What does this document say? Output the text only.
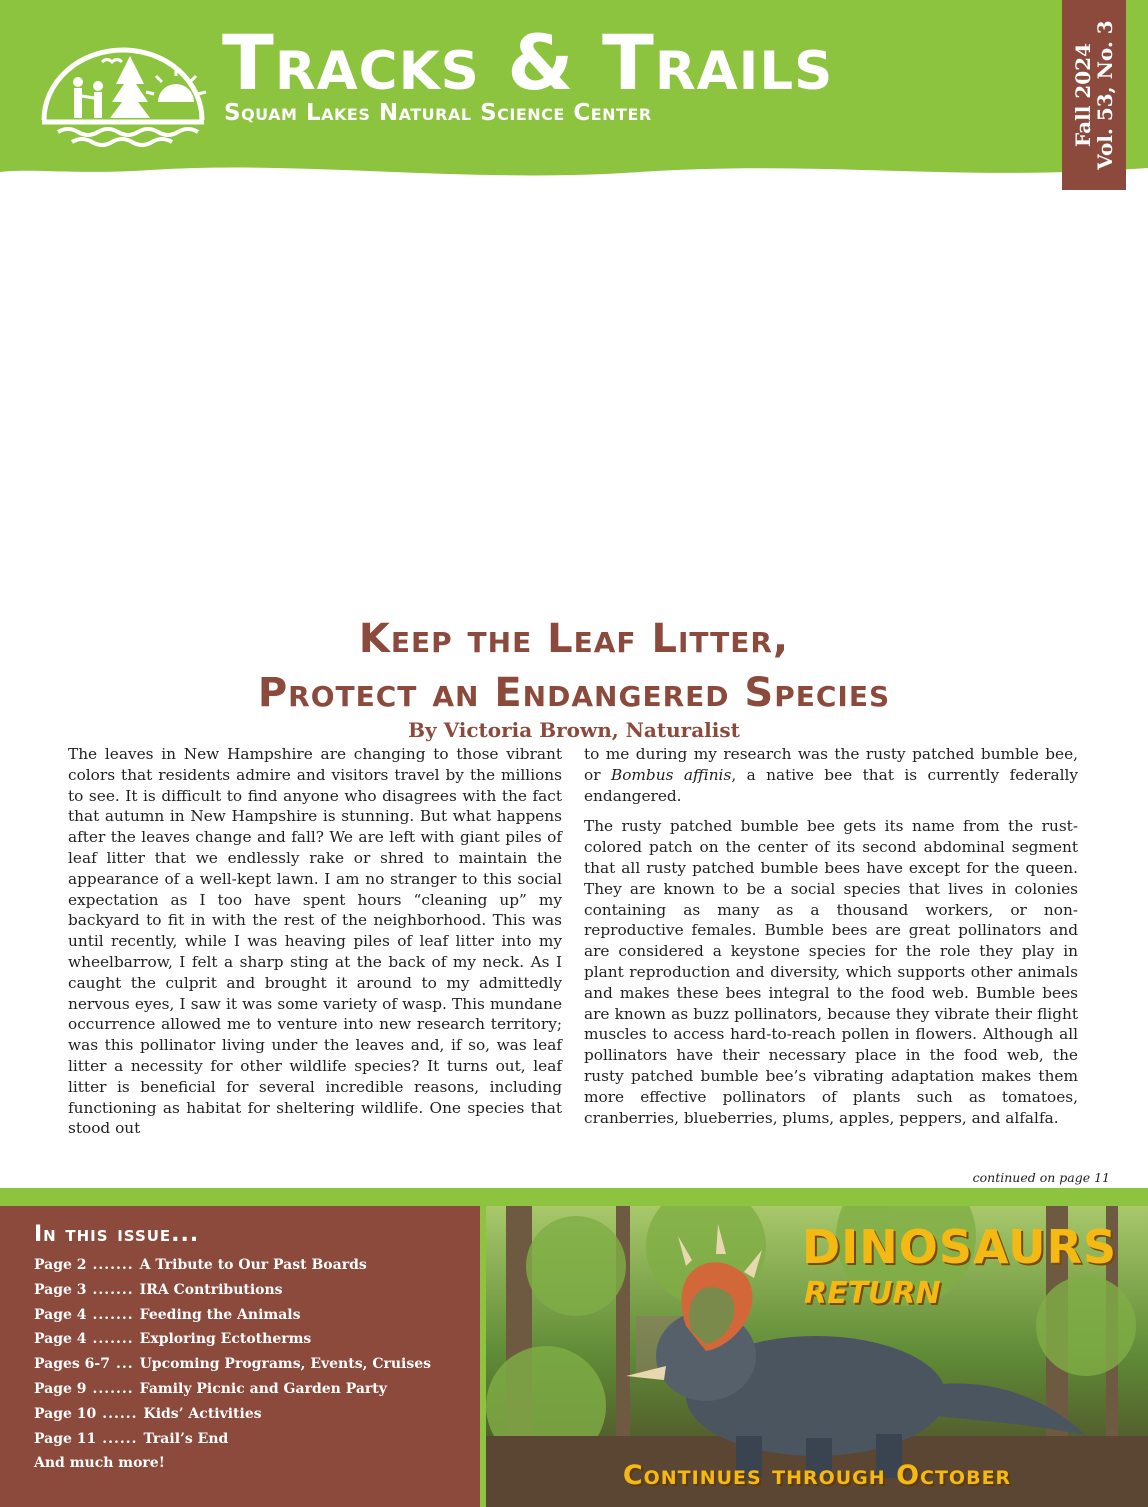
Tracks & Trails
Squam Lakes Natural Science Center	Fall 2024
Vol. 53, No. 3
Keep the Leaf Litter,
Protect an Endangered Species
By Victoria Brown, Naturalist

The leaves in New Hampshire are changing to those vibrant colors that residents admire and visitors travel by the millions to see. It is difficult to find anyone who disagrees with the fact that autumn in New Hampshire is stunning. But what happens after the leaves change and fall? We are left with giant piles of leaf litter that we endlessly rake or shred to maintain the appearance of a well-kept lawn. I am no stranger to this social expectation as I too have spent hours “cleaning up” my backyard to fit in with the rest of the neighborhood. This was until recently, while I was heaving piles of leaf litter into my wheelbarrow, I felt a sharp sting at the back of my neck. As I caught the culprit and brought it around to my admittedly nervous eyes, I saw it was some variety of wasp. This mundane occurrence allowed me to venture into new research territory; was this pollinator living under the leaves and, if so, was leaf litter a necessity for other wildlife species? It turns out, leaf litter is beneficial for several incredible reasons, including functioning as habitat for sheltering wildlife. One species that stood out

to me during my research was the rusty patched bumble bee, or Bombus affinis, a native bee that is currently federally endangered.

The rusty patched bumble bee gets its name from the rust-colored patch on the center of its second abdominal segment that all rusty patched bumble bees have except for the queen. They are known to be a social species that lives in colonies containing as many as a thousand workers, or non-reproductive females. Bumble bees are great pollinators and are considered a keystone species for the role they play in plant reproduction and diversity, which supports other animals and makes these bees integral to the food web. Bumble bees are known as buzz pollinators, because they vibrate their flight muscles to access hard-to-reach pollen in flowers. Although all pollinators have their necessary place in the food web, the rusty patched bumble bee’s vibrating adaptation makes them more effective pollinators of plants such as tomatoes, cranberries, blueberries, plums, apples, peppers, and alfalfa.

continued on page 11
In this issue...
Page 2 ....... A Tribute to Our Past Boards
Page 3 ....... IRA Contributions
Page 4 ....... Feeding the Animals
Page 4 ....... Exploring Ectotherms
Pages 6-7 ... Upcoming Programs, Events, Cruises
Page 9 ....... Family Picnic and Garden Party
Page 10 ...... Kids’ Activities
Page 11 ...... Trail’s End
And much more!
DINOSAURS
RETURN
Continues through October
